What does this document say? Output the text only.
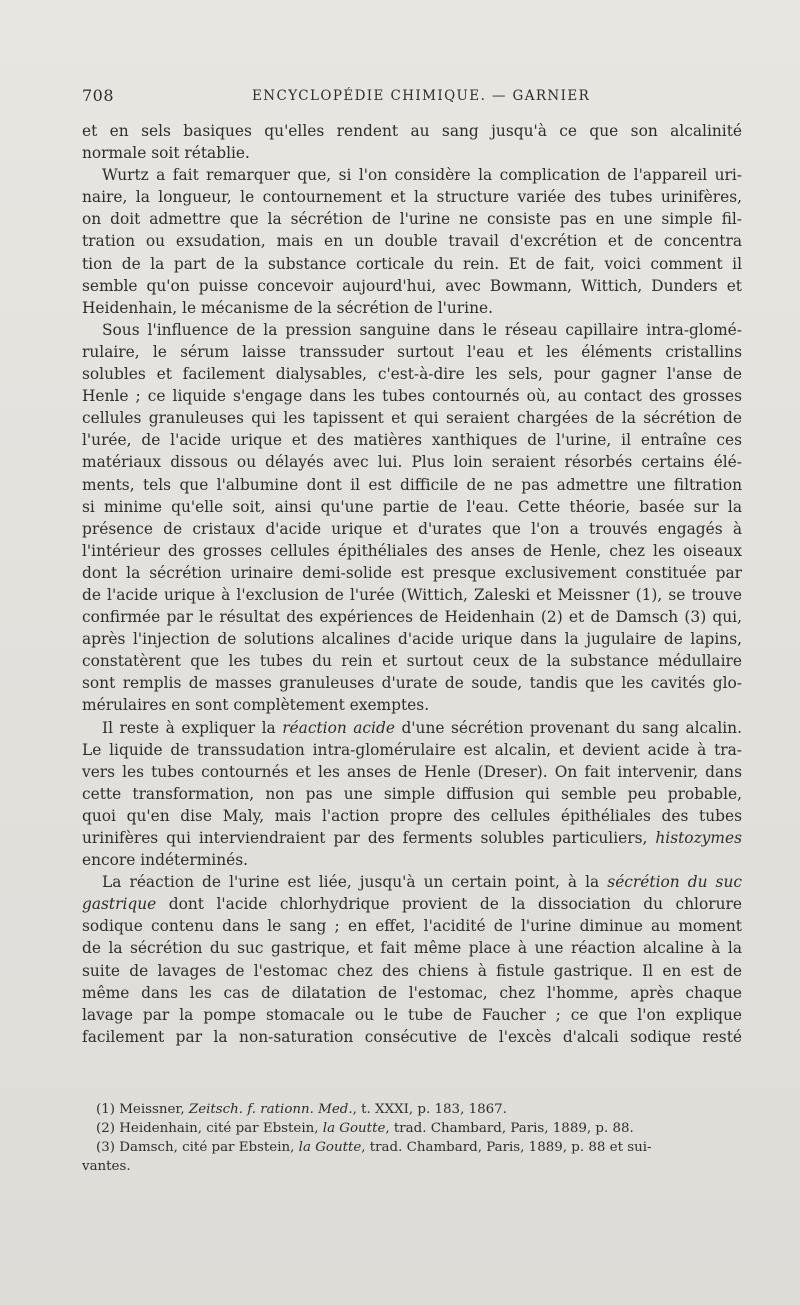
708	ENCYCLOPÉDIE CHIMIQUE. — GARNIER
et en sels basiques qu'elles rendent au sang jusqu'à ce que son alcalinité
normale soit rétablie.
Wurtz a fait remarquer que, si l'on considère la complication de l'appareil uri-
naire, la longueur, le contournement et la structure variée des tubes urinifères,
on doit admettre que la sécrétion de l'urine ne consiste pas en une simple fil-
tration ou exsudation, mais en un double travail d'excrétion et de concentra
tion de la part de la substance corticale du rein. Et de fait, voici comment il
semble qu'on puisse concevoir aujourd'hui, avec Bowmann, Wittich, Dunders et
Heidenhain, le mécanisme de la sécrétion de l'urine.
Sous l'influence de la pression sanguine dans le réseau capillaire intra-glomé-
rulaire, le sérum laisse transsuder surtout l'eau et les éléments cristallins
solubles et facilement dialysables, c'est-à-dire les sels, pour gagner l'anse de
Henle ; ce liquide s'engage dans les tubes contournés où, au contact des grosses
cellules granuleuses qui les tapissent et qui seraient chargées de la sécrétion de
l'urée, de l'acide urique et des matières xanthiques de l'urine, il entraîne ces
matériaux dissous ou délayés avec lui. Plus loin seraient résorbés certains élé-
ments, tels que l'albumine dont il est difficile de ne pas admettre une filtration
si minime qu'elle soit, ainsi qu'une partie de l'eau. Cette théorie, basée sur la
présence de cristaux d'acide urique et d'urates que l'on a trouvés engagés à
l'intérieur des grosses cellules épithéliales des anses de Henle, chez les oiseaux
dont la sécrétion urinaire demi-solide est presque exclusivement constituée par
de l'acide urique à l'exclusion de l'urée (Wittich, Zaleski et Meissner (1), se trouve
confirmée par le résultat des expériences de Heidenhain (2) et de Damsch (3) qui,
après l'injection de solutions alcalines d'acide urique dans la jugulaire de lapins,
constatèrent que les tubes du rein et surtout ceux de la substance médullaire
sont remplis de masses granuleuses d'urate de soude, tandis que les cavités glo-
mérulaires en sont complètement exemptes.
Il reste à expliquer la réaction acide d'une sécrétion provenant du sang alcalin.
Le liquide de transsudation intra-glomérulaire est alcalin, et devient acide à tra-
vers les tubes contournés et les anses de Henle (Dreser). On fait intervenir, dans
cette transformation, non pas une simple diffusion qui semble peu probable,
quoi qu'en dise Maly, mais l'action propre des cellules épithéliales des tubes
urinifères qui interviendraient par des ferments solubles particuliers, histozymes
encore indéterminés.
La réaction de l'urine est liée, jusqu'à un certain point, à la sécrétion du suc
gastrique dont l'acide chlorhydrique provient de la dissociation du chlorure
sodique contenu dans le sang ; en effet, l'acidité de l'urine diminue au moment
de la sécrétion du suc gastrique, et fait même place à une réaction alcaline à la
suite de lavages de l'estomac chez des chiens à fistule gastrique. Il en est de
même dans les cas de dilatation de l'estomac, chez l'homme, après chaque
lavage par la pompe stomacale ou le tube de Faucher ; ce que l'on explique
facilement par la non-saturation consécutive de l'excès d'alcali sodique resté
(1) Meissner, Zeitsch. f. rationn. Med., t. XXXI, p. 183, 1867.
(2) Heidenhain, cité par Ebstein, la Goutte, trad. Chambard, Paris, 1889, p. 88.
(3) Damsch, cité par Ebstein, la Goutte, trad. Chambard, Paris, 1889, p. 88 et sui-
vantes.
